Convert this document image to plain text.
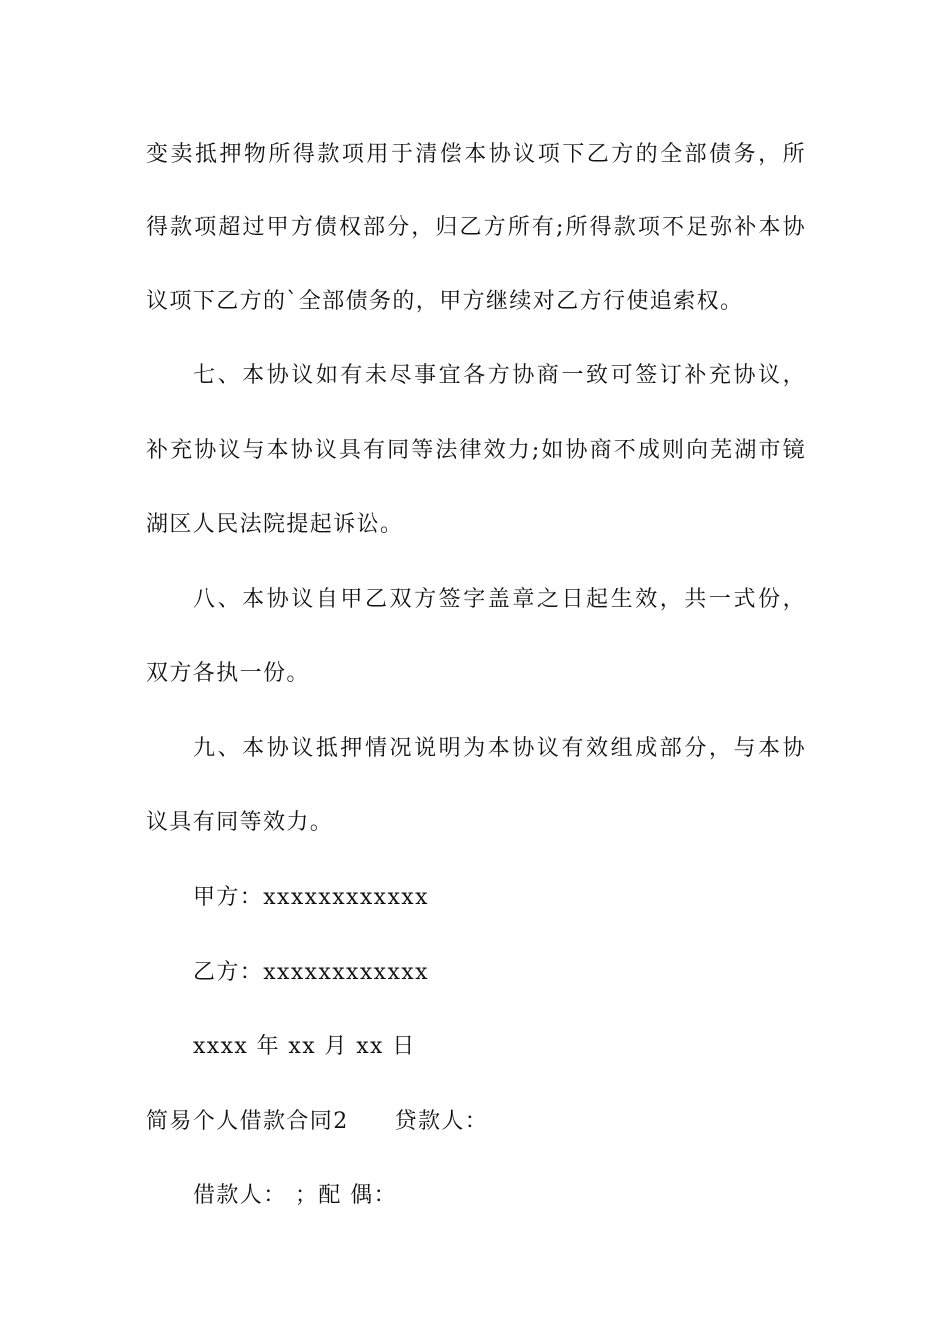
变卖抵押物所得款项用于清偿本协议项下乙方的全部债务，所
得款项超过甲方债权部分，归乙方所有;所得款项不足弥补本协
议项下乙方的`全部债务的，甲方继续对乙方行使追索权。
七、本协议如有未尽事宜各方协商一致可签订补充协议，
补充协议与本协议具有同等法律效力;如协商不成则向芜湖市镜
湖区人民法院提起诉讼。
八、本协议自甲乙双方签字盖章之日起生效，共一式份，
双方各执一份。
九、本协议抵押情况说明为本协议有效组成部分，与本协
议具有同等效力。
甲方：xxxxxxxxxxxx
乙方：xxxxxxxxxxxx
xxxx 年 xx 月 xx 日
简易个人借款合同2 贷款人：
借款人： ；配 偶：
